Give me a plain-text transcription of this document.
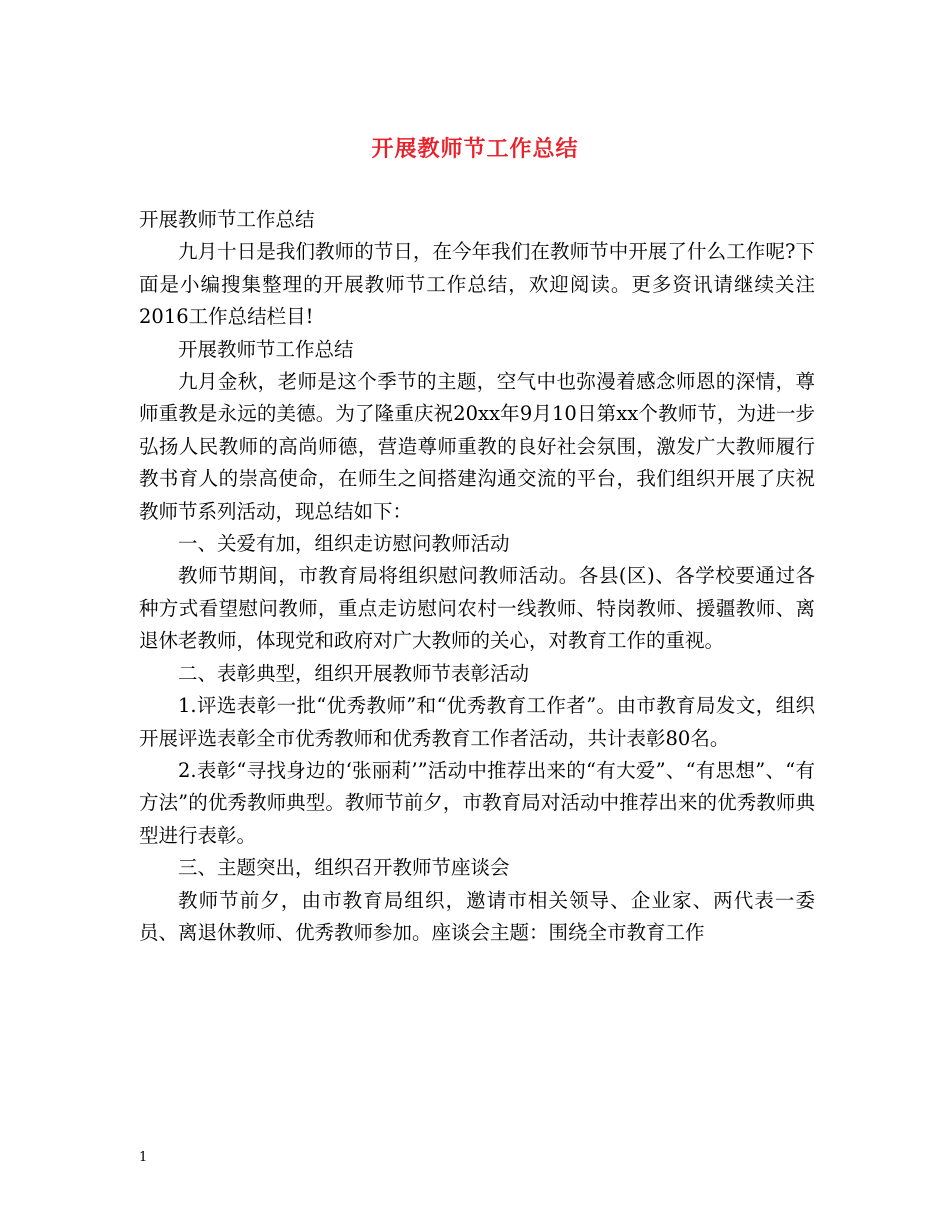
开展教师节工作总结

开展教师节工作总结

九月十日是我们教师的节日，在今年我们在教师节中开展了什么工作呢?下面是小编搜集整理的开展教师节工作总结，欢迎阅读。更多资讯请继续关注2016工作总结栏目!

开展教师节工作总结

九月金秋，老师是这个季节的主题，空气中也弥漫着感念师恩的深情，尊师重教是永远的美德。为了隆重庆祝20xx年9月10日第xx个教师节，为进一步弘扬人民教师的高尚师德，营造尊师重教的良好社会氛围，激发广大教师履行教书育人的崇高使命，在师生之间搭建沟通交流的平台，我们组织开展了庆祝教师节系列活动，现总结如下：

一、关爱有加，组织走访慰问教师活动

教师节期间，市教育局将组织慰问教师活动。各县(区)、各学校要通过各种方式看望慰问教师，重点走访慰问农村一线教师、特岗教师、援疆教师、离退休老教师，体现党和政府对广大教师的关心，对教育工作的重视。

二、表彰典型，组织开展教师节表彰活动

1.评选表彰一批“优秀教师”和“优秀教育工作者”。由市教育局发文，组织开展评选表彰全市优秀教师和优秀教育工作者活动，共计表彰80名。

2.表彰“寻找身边的‘张丽莉’”活动中推荐出来的“有大爱”、“有思想”、“有方法”的优秀教师典型。教师节前夕，市教育局对活动中推荐出来的优秀教师典型进行表彰。

三、主题突出，组织召开教师节座谈会

教师节前夕，由市教育局组织，邀请市相关领导、企业家、两代表一委员、离退休教师、优秀教师参加。座谈会主题：围绕全市教育工作

1
